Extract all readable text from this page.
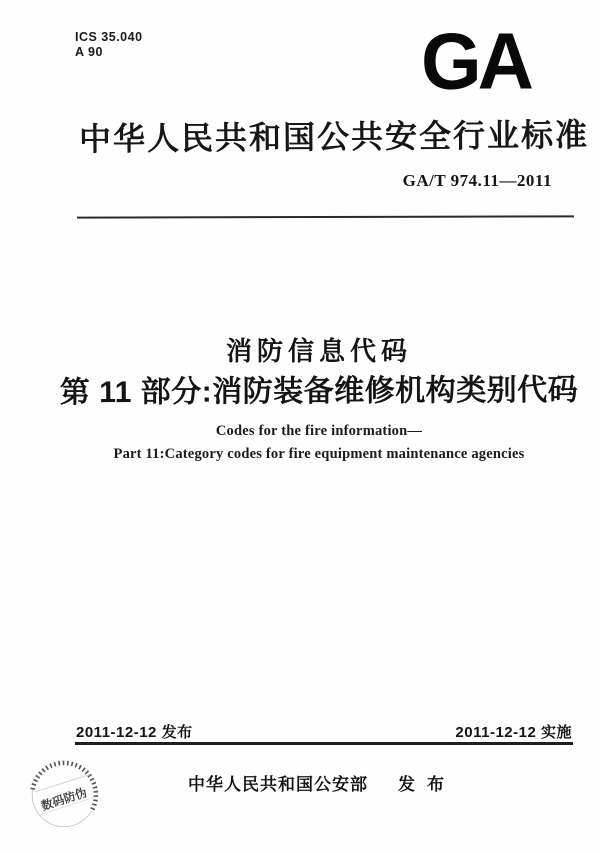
ICS 35.040
A 90	GA
中华人民共和国公共安全行业标准
GA/T 974.11—2011
消防信息代码
第 11 部分:消防装备维修机构类别代码
Codes for the fire information—
Part 11:Category codes for fire equipment maintenance agencies
2011-12-12 发布	2011-12-12 实施
中华人民共和国公安部 发布
数码防伪
